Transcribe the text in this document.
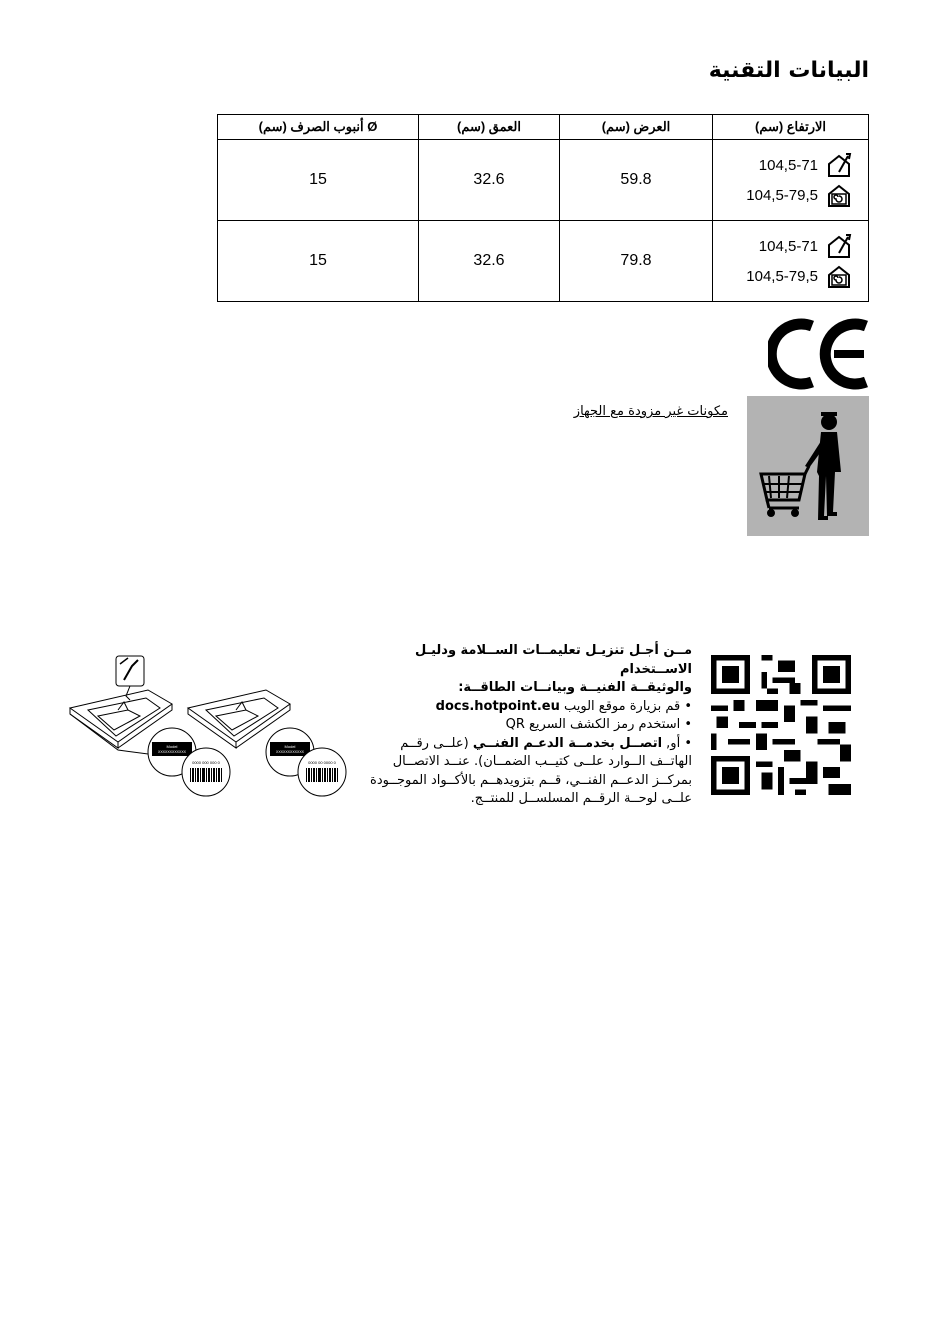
البيانات التقنية
Ø أنبوب الصرف (سم)	العمق (سم)	العرض (سم)	الارتفاع (سم)
15	32.6	59.8	104,5-71
104,5-79,5

15	32.6	79.8	104,5-71
104,5-79,5
مكونات غير مزودة مع الجهاز
مــن أجـل تنزيـل تعليمــات الســلامة ودليـل الاســتخدام
والوثيقــة الفنيــة وبيانــات الطاقــة:
• قم بزيارة موقع الويب docs.hotpoint.eu
• استخدم رمز الكشف السريع QR
• أو, اتصــل بخدمــة الدعـم الفنــي (علــى رقــم الهاتــف الــوارد علــى كتيــب الضمــان). عنــد الاتصــال بمركــز الدعــم الفنــي، قــم بتزويدهــم بالأكــواد الموجــودة علــى لوحــة الرقــم المسلســل للمنتــج.
Model
XXXXXXXXXXXX
0000 000 000 0
Model
XXXXXXXXXXXX
0000 00 0000 0
